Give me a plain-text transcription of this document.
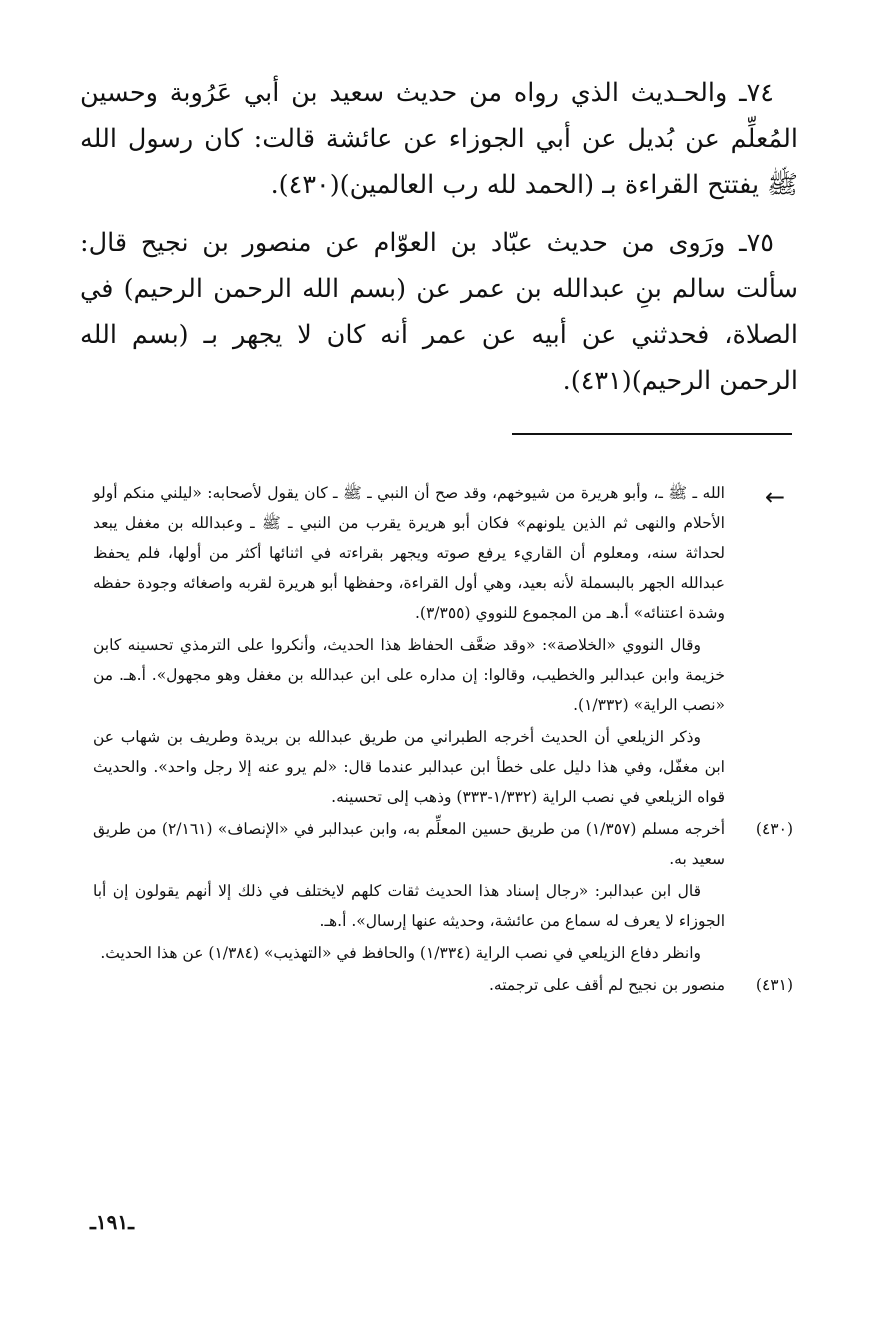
٧٤ـ والحـديث الذي رواه من حديث سعيد بن أبي عَرُوبة وحسين المُعلِّم عن بُديل عن أبي الجوزاء عن عائشة قالت: كان رسول الله ﷺ يفتتح القراءة بـ (الحمد لله رب العالمين)(٤٣٠).

٧٥ـ ورَوى من حديث عبّاد بن العوّام عن منصور بن نجيح قال: سألت سالم بنِ عبدالله بن عمر عن (بسم الله الرحمن الرحيم) في الصلاة، فحدثني عن أبيه عن عمر أنه كان لا يجهر بـ (بسم الله الرحمن الرحيم)(٤٣١).

←

الله ـ ﷺ ـ، وأبو هريرة من شيوخهم، وقد صح أن النبي ـ ﷺ ـ كان يقول لأصحابه: «ليلني منكم أولو الأحلام والنهى ثم الذين يلونهم» فكان أبو هريرة يقرب من النبي ـ ﷺ ـ وعبدالله بن مغفل يبعد لحداثة سنه، ومعلوم أن القاريء يرفع صوته ويجهر بقراءته في اثنائها أكثر من أولها، فلم يحفظ عبدالله الجهر بالبسملة لأنه بعيد، وهي أول القراءة، وحفظها أبو هريرة لقربه واصغائه وجودة حفظه وشدة اعتنائه» أ.هـ من المجموع للنووي (٣/٣٥٥).

وقال النووي «الخلاصة»: «وقد ضعَّف الحفاظ هذا الحديث، وأنكروا على الترمذي تحسينه كابن خزيمة وابن عبدالبر والخطيب، وقالوا: إن مداره على ابن عبدالله بن مغفل وهو مجهول». أ.هـ. من «نصب الراية» (١/٣٣٢).

وذكر الزيلعي أن الحديث أخرجه الطبراني من طريق عبدالله بن بريدة وطريف بن شهاب عن ابن مغفّل، وفي هذا دليل على خطأ ابن عبدالبر عندما قال: «لم يرو عنه إلا رجل واحد». والحديث قواه الزيلعي في نصب الراية (١/٣٣٢-٣٣٣) وذهب إلى تحسينه.

(٤٣٠)

أخرجه مسلم (١/٣٥٧) من طريق حسين المعلِّم به، وابن عبدالبر في «الإنصاف» (٢/١٦١) من طريق سعيد به.

قال ابن عبدالبر: «رجال إسناد هذا الحديث ثقات كلهم لايختلف في ذلك إلا أنهم يقولون إن أبا الجوزاء لا يعرف له سماع من عائشة، وحديثه عنها إرسال». أ.هـ.

وانظر دفاع الزيلعي في نصب الراية (١/٣٣٤) والحافظ في «التهذيب» (١/٣٨٤) عن هذا الحديث.

(٤٣١)

منصور بن نجيح لم أقف على ترجمته.

ـ١٩١ـ
